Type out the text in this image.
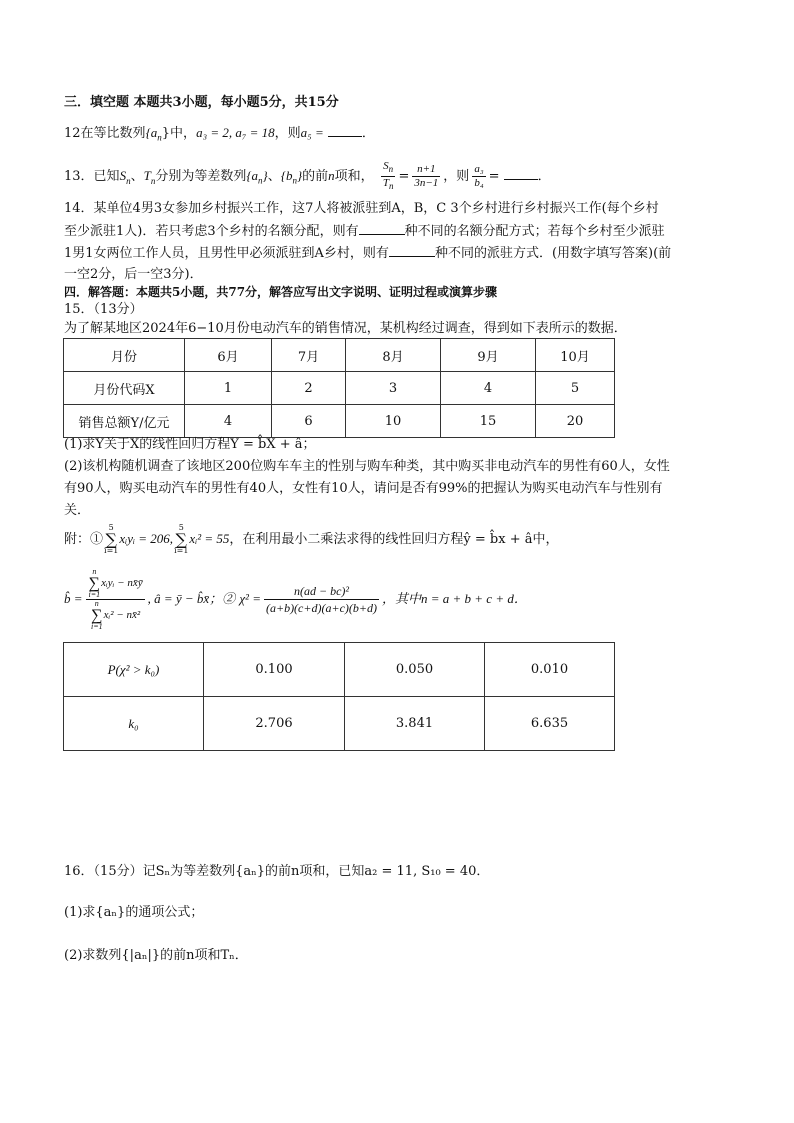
三．填空题 本题共3小题，每小题5分，共15分
12在等比数列$\{a_n\}$中，a₃ = 2, a₇ = 18，则a₅ =	．
13．已知$S_n$、$T_n$分别为等差数列$\{a_n\}$、$\{b_n\}$的前n项和， $\frac{S_n}{T_n} = \frac{n+1}{3n-1}$ ，则 $\frac{\text{a₃}}{\text{b₄}}$ =	．
14．某单位4男3女参加乡村振兴工作，这7人将被派驻到A，B，C 3个乡村进行乡村振兴工作(每个乡村
至少派驻1人)．若只考虑3个乡村的名额分配，则有	种不同的名额分配方式；若每个乡村至少派驻
1男1女两位工作人员，且男性甲必须派驻到A乡村，则有	种不同的派驻方式．(用数字填写答案)(前
一空2分，后一空3分)．
四．解答题：本题共5小题，共77分，解答应写出文字说明、证明过程或演算步骤
15．（13分）
为了解某地区2024年6−10月份电动汽车的销售情况，某机构经过调查，得到如下表所示的数据．
月份	6月	7月	8月	9月	10月
月份代码X	1	2	3	4	5
销售总额Y/亿元	4	6	10	15	20
(1)求Y关于X的线性回归方程Y = b̂X + â；
(2)该机构随机调查了该地区200位购车车主的性别与购车种类，其中购买非电动汽车的男性有60人，女性
有90人，购买电动汽车的男性有40人，女性有10人，请问是否有99%的把握认为购买电动汽车与性别有
关．
附：①5
∑
i=1xᵢyᵢ = 206,5
∑
i=1xᵢ² = 55，在利用最小二乘法求得的线性回归方程ŷ = b̂x + â中，
b̂ = n
∑
i=1xᵢyᵢ − nx̄ȳ
n
∑
i=1xᵢ² − nx̄² , â = ȳ − b̂x̄；② $\chi^2 = \frac{\text{n(ad − bc)²}}{(a+b)(c+d)(a+c)(b+d)}$ ，其中n = a + b + c + d．
P(χ² > k₀)	0.100	0.050	0.010
k₀	2.706	3.841	6.635
16．（15分）记Sₙ为等差数列{aₙ}的前n项和，已知a₂ = 11, S₁₀ = 40．
(1)求{aₙ}的通项公式；
(2)求数列{|aₙ|}的前n项和Tₙ．
